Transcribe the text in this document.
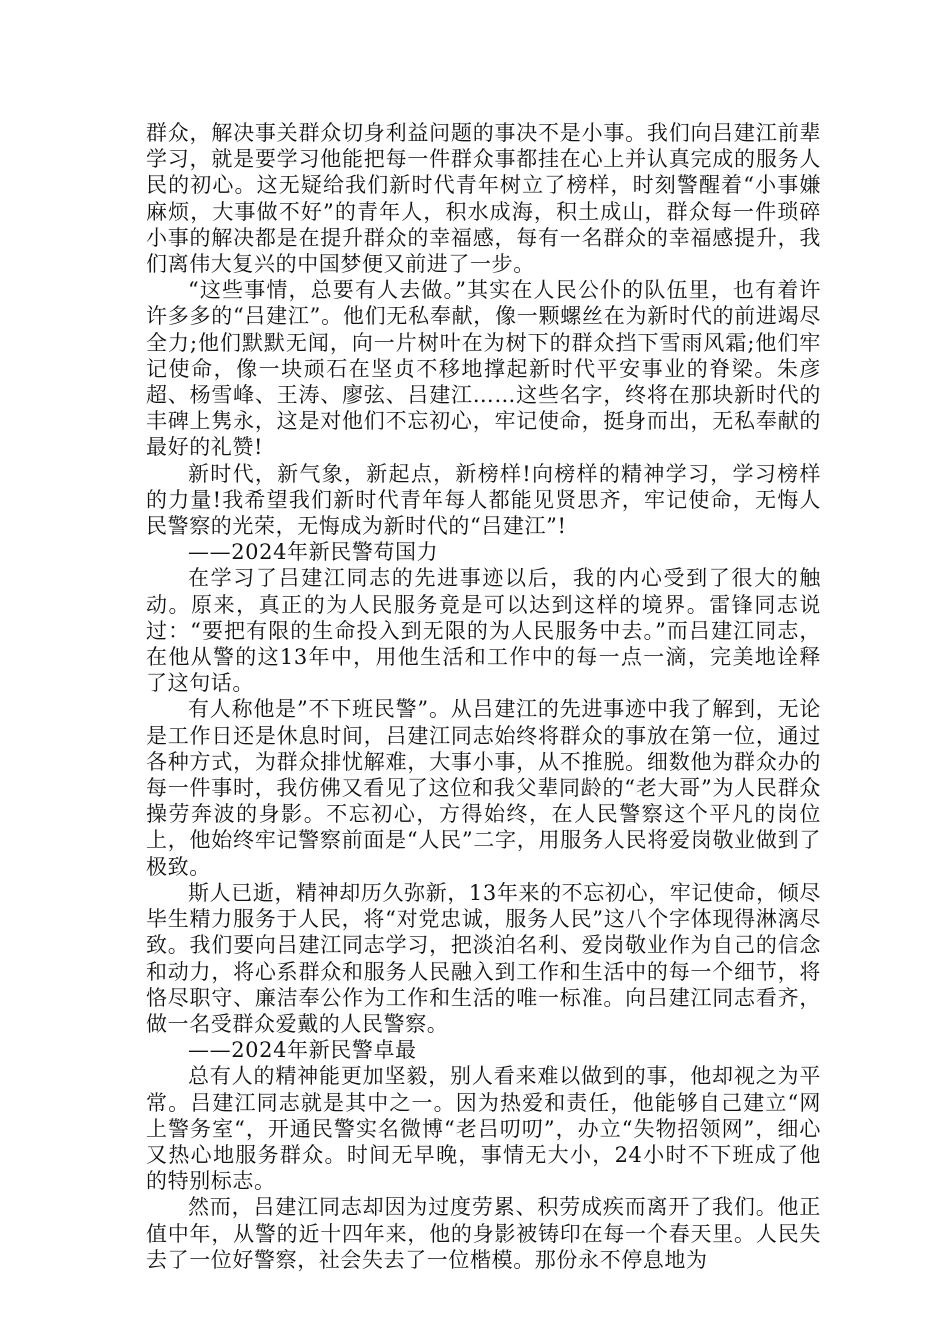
群众，解决事关群众切身利益问题的事决不是小事。我们向吕建江前辈学习，就是要学习他能把每一件群众事都挂在心上并认真完成的服务人民的初心。这无疑给我们新时代青年树立了榜样，时刻警醒着“小事嫌麻烦，大事做不好”的青年人，积水成海，积土成山，群众每一件琐碎小事的解决都是在提升群众的幸福感，每有一名群众的幸福感提升，我们离伟大复兴的中国梦便又前进了一步。

“这些事情，总要有人去做。”其实在人民公仆的队伍里，也有着许许多多的“吕建江”。他们无私奉献，像一颗螺丝在为新时代的前进竭尽全力;他们默默无闻，向一片树叶在为树下的群众挡下雪雨风霜;他们牢记使命，像一块顽石在坚贞不移地撑起新时代平安事业的脊梁。朱彦超、杨雪峰、王涛、廖弦、吕建江……这些名字，终将在那块新时代的丰碑上隽永，这是对他们不忘初心，牢记使命，挺身而出，无私奉献的最好的礼赞!

新时代，新气象，新起点，新榜样!向榜样的精神学习，学习榜样的力量!我希望我们新时代青年每人都能见贤思齐，牢记使命，无悔人民警察的光荣，无悔成为新时代的“吕建江”!

——2024年新民警苟国力

在学习了吕建江同志的先进事迹以后，我的内心受到了很大的触动。原来，真正的为人民服务竟是可以达到这样的境界。雷锋同志说过：“要把有限的生命投入到无限的为人民服务中去。”而吕建江同志，在他从警的这13年中，用他生活和工作中的每一点一滴，完美地诠释了这句话。

有人称他是”不下班民警”。从吕建江的先进事迹中我了解到，无论是工作日还是休息时间，吕建江同志始终将群众的事放在第一位，通过各种方式，为群众排忧解难，大事小事，从不推脱。细数他为群众办的每一件事时，我仿佛又看见了这位和我父辈同龄的“老大哥”为人民群众操劳奔波的身影。不忘初心，方得始终，在人民警察这个平凡的岗位上，他始终牢记警察前面是“人民”二字，用服务人民将爱岗敬业做到了极致。

斯人已逝，精神却历久弥新，13年来的不忘初心，牢记使命，倾尽毕生精力服务于人民，将“对党忠诚，服务人民”这八个字体现得淋漓尽致。我们要向吕建江同志学习，把淡泊名利、爱岗敬业作为自己的信念和动力，将心系群众和服务人民融入到工作和生活中的每一个细节，将恪尽职守、廉洁奉公作为工作和生活的唯一标准。向吕建江同志看齐，做一名受群众爱戴的人民警察。

——2024年新民警卓最

总有人的精神能更加坚毅，别人看来难以做到的事，他却视之为平常。吕建江同志就是其中之一。因为热爱和责任，他能够自己建立“网上警务室“，开通民警实名微博“老吕叨叨”，办立“失物招领网”，细心又热心地服务群众。时间无早晚，事情无大小，24小时不下班成了他的特别标志。

然而，吕建江同志却因为过度劳累、积劳成疾而离开了我们。他正值中年，从警的近十四年来，他的身影被铸印在每一个春天里。人民失去了一位好警察，社会失去了一位楷模。那份永不停息地为
